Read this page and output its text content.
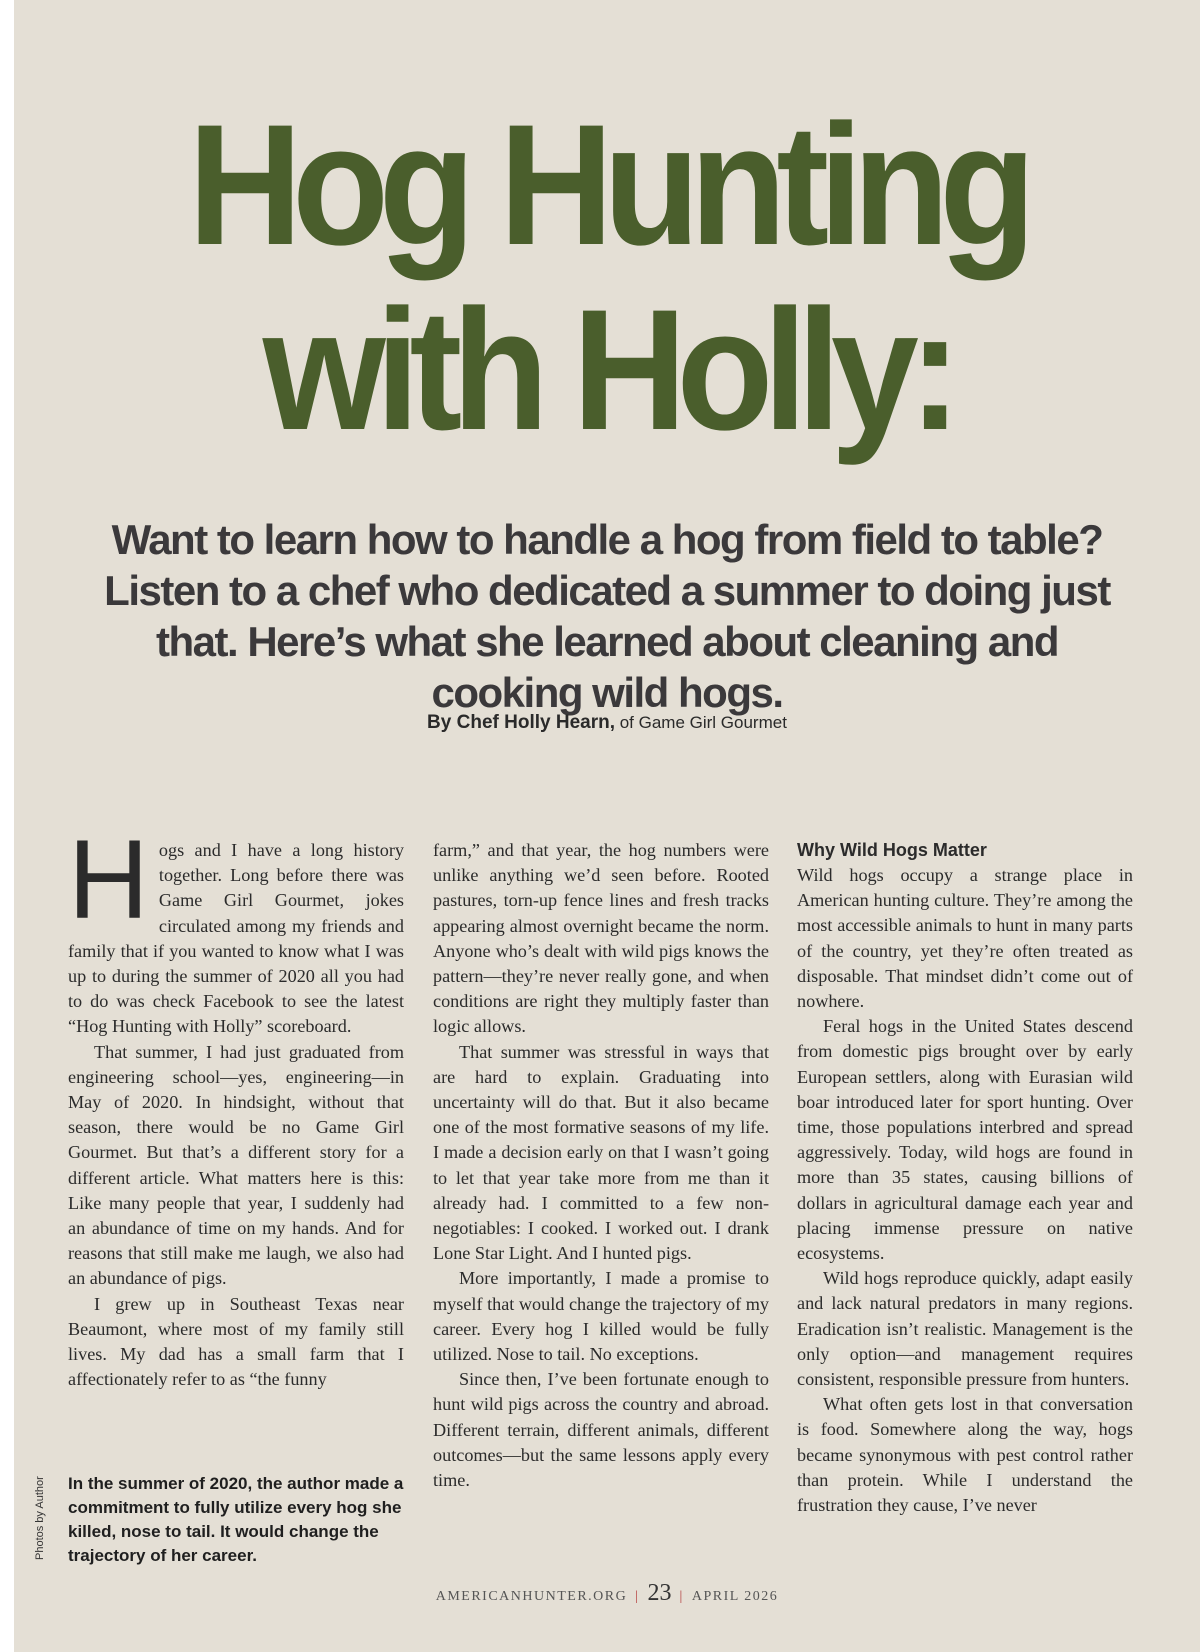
Hog Hunting
with Holly:

Want to learn how to handle a hog from field to table? Listen to a chef who dedicated a summer to doing just that. Here’s what she learned about cleaning and cooking wild hogs.

By Chef Holly Hearn, of Game Girl Gourmet
H ogs and I have a long history together. Long before there was Game Girl Gourmet, jokes circulated among my friends and family that if you wanted to know what I was up to during the summer of 2020 all you had to do was check Facebook to see the latest “Hog Hunting with Holly” scoreboard.

That summer, I had just graduated from engineering school—yes, engineering—in May of 2020. In hindsight, without that season, there would be no Game Girl Gourmet. But that’s a different story for a different article. What matters here is this: Like many people that year, I suddenly had an abundance of time on my hands. And for reasons that still make me laugh, we also had an abundance of pigs.

I grew up in Southeast Texas near Beaumont, where most of my family still lives. My dad has a small farm that I affectionately refer to as “the funny

farm,” and that year, the hog numbers were unlike anything we’d seen before. Rooted pastures, torn-up fence lines and fresh tracks appearing almost overnight became the norm. Anyone who’s dealt with wild pigs knows the pattern—they’re never really gone, and when conditions are right they multiply faster than logic allows.

That summer was stressful in ways that are hard to explain. Graduating into uncertainty will do that. But it also became one of the most formative seasons of my life. I made a decision early on that I wasn’t going to let that year take more from me than it already had. I committed to a few non-negotiables: I cooked. I worked out. I drank Lone Star Light. And I hunted pigs.

More importantly, I made a promise to myself that would change the trajectory of my career. Every hog I killed would be fully utilized. Nose to tail. No exceptions.

Since then, I’ve been fortunate enough to hunt wild pigs across the country and abroad. Different terrain, different animals, different outcomes—but the same lessons apply every time.

Why Wild Hogs Matter

Wild hogs occupy a strange place in American hunting culture. They’re among the most accessible animals to hunt in many parts of the country, yet they’re often treated as disposable. That mindset didn’t come out of nowhere.

Feral hogs in the United States descend from domestic pigs brought over by early European settlers, along with Eurasian wild boar introduced later for sport hunting. Over time, those populations interbred and spread aggressively. Today, wild hogs are found in more than 35 states, causing billions of dollars in agricultural damage each year and placing immense pressure on native ecosystems.

Wild hogs reproduce quickly, adapt easily and lack natural predators in many regions. Eradication isn’t realistic. Management is the only option—and management requires consistent, responsible pressure from hunters.

What often gets lost in that conversation is food. Somewhere along the way, hogs became synonymous with pest control rather than protein. While I understand the frustration they cause, I’ve never

In the summer of 2020, the author made a commitment to fully utilize every hog she killed, nose to tail. It would change the trajectory of her career.

Photos by Author
AMERICANHUNTER.ORG | 23 | APRIL 2026
